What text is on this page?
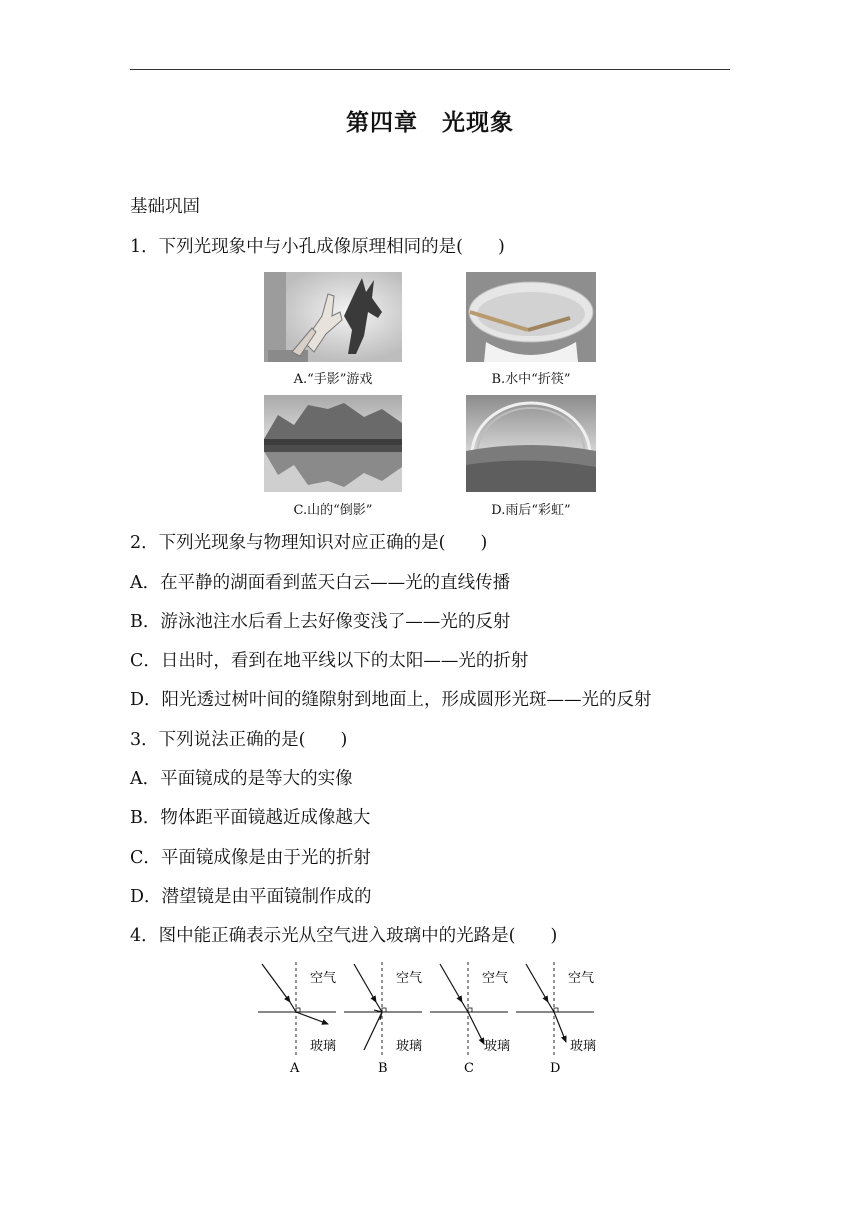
第四章　光现象
基础巩固
1．下列光现象中与小孔成像原理相同的是(　　)
A.“手影”游戏	B.水中“折筷”
C.山的“倒影”	D.雨后“彩虹”
2．下列光现象与物理知识对应正确的是(　　)
A．在平静的湖面看到蓝天白云——光的直线传播
B．游泳池注水后看上去好像变浅了——光的反射
C．日出时，看到在地平线以下的太阳——光的折射
D．阳光透过树叶间的缝隙射到地面上，形成圆形光斑——光的反射
3．下列说法正确的是(　　)
A．平面镜成的是等大的实像
B．物体距平面镜越近成像越大
C．平面镜成像是由于光的折射
D．潜望镜是由平面镜制作成的
4．图中能正确表示光从空气进入玻璃中的光路是(　　)
空气
玻璃
A
空气
玻璃
B
空气
玻璃
C
空气
玻璃
D
